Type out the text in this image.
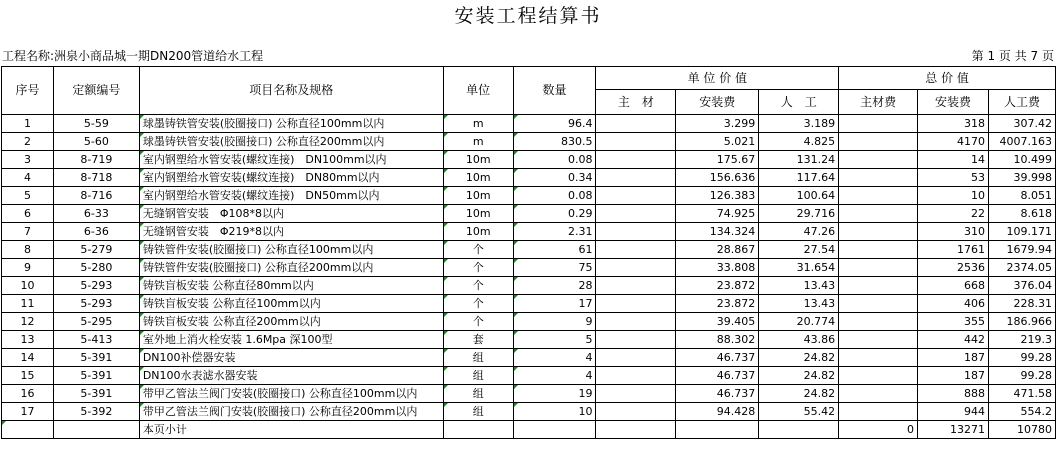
安装工程结算书
工程名称:洲泉小商品城一期DN200管道给水工程	第 1 页 共 7 页
序号	定额编号	项目名称及规格	单位	数量	单 位 价 值			总 价 值		
					主　材	安装费	人　工	主材费	安装费	人工费
1	5-59	球墨铸铁管安装(胶圈接口) 公称直径100mm以内	m	96.4		3.299	3.189		318	307.42
2	5-60	球墨铸铁管安装(胶圈接口) 公称直径200mm以内	m	830.5		5.021	4.825		4170	4007.163
3	8-719	室内钢塑给水管安装(螺纹连接)　DN100mm以内	10m	0.08		175.67	131.24		14	10.499
4	8-718	室内钢塑给水管安装(螺纹连接)　DN80mm以内	10m	0.34		156.636	117.64		53	39.998
5	8-716	室内钢塑给水管安装(螺纹连接)　DN50mm以内	10m	0.08		126.383	100.64		10	8.051
6	6-33	无缝钢管安装　Φ108*8以内	10m	0.29		74.925	29.716		22	8.618
7	6-36	无缝钢管安装　Φ219*8以内	10m	2.31		134.324	47.26		310	109.171
8	5-279	铸铁管件安装(胶圈接口) 公称直径100mm以内	个	61		28.867	27.54		1761	1679.94
9	5-280	铸铁管件安装(胶圈接口) 公称直径200mm以内	个	75		33.808	31.654		2536	2374.05
10	5-293	铸铁盲板安装 公称直径80mm以内	个	28		23.872	13.43		668	376.04
11	5-293	铸铁盲板安装 公称直径100mm以内	个	17		23.872	13.43		406	228.31
12	5-295	铸铁盲板安装 公称直径200mm以内	个	9		39.405	20.774		355	186.966
13	5-413	室外地上消火栓安装 1.6Mpa 深100型	套	5		88.302	43.86		442	219.3
14	5-391	DN100补偿器安装	组	4		46.737	24.82		187	99.28
15	5-391	DN100水表滤水器安装	组	4		46.737	24.82		187	99.28
16	5-391	带甲乙管法兰阀门安装(胶圈接口) 公称直径100mm以内	组	19		46.737	24.82		888	471.58
17	5-392	带甲乙管法兰阀门安装(胶圈接口) 公称直径200mm以内	组	10		94.428	55.42		944	554.2
		本页小计						0	13271	10780
